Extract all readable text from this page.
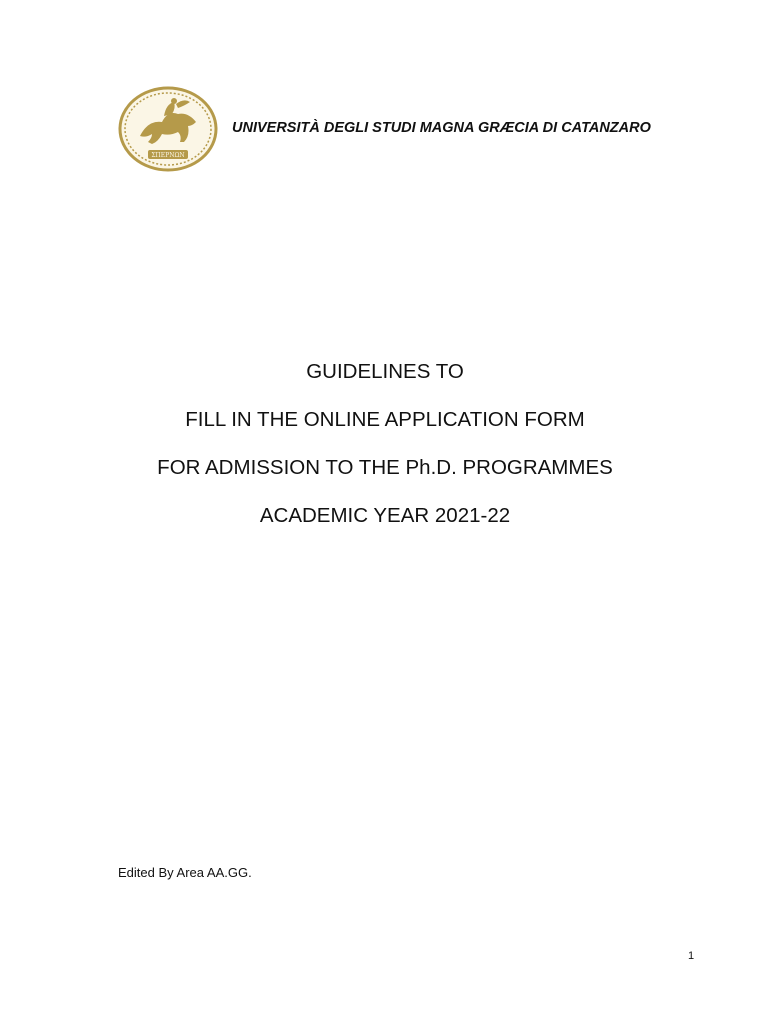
ΣΠΕΡΝΩΝ
UNIVERSITÀ DEGLI STUDI MAGNA GRÆCIA DI CATANZARO
GUIDELINES TO
FILL IN THE ONLINE APPLICATION FORM
FOR ADMISSION TO THE Ph.D. PROGRAMMES
ACADEMIC YEAR 2021-22
Edited By Area AA.GG.
1
